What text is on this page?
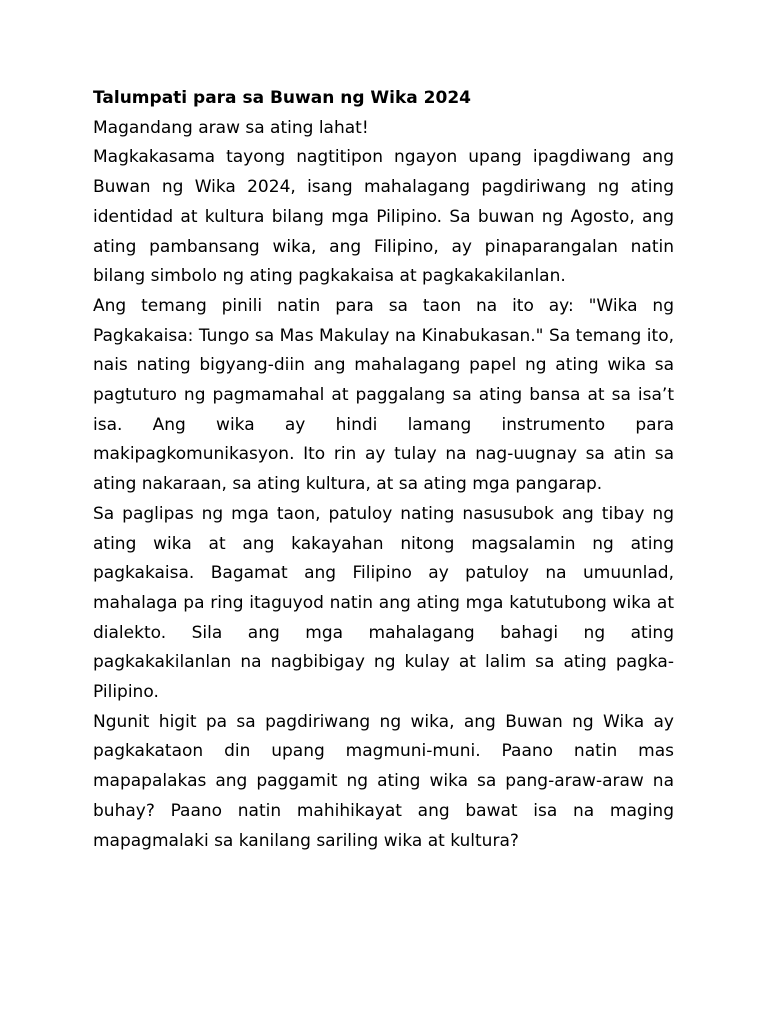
Talumpati para sa Buwan ng Wika 2024

Magandang araw sa ating lahat!

Magkakasama tayong nagtitipon ngayon upang ipagdiwang ang Buwan ng Wika 2024, isang mahalagang pagdiriwang ng ating identidad at kultura bilang mga Pilipino. Sa buwan ng Agosto, ang ating pambansang wika, ang Filipino, ay pinaparangalan natin bilang simbolo ng ating pagkakaisa at pagkakakilanlan.

Ang temang pinili natin para sa taon na ito ay: "Wika ng Pagkakaisa: Tungo sa Mas Makulay na Kinabukasan." Sa temang ito, nais nating bigyang-diin ang mahalagang papel ng ating wika sa pagtuturo ng pagmamahal at paggalang sa ating bansa at sa isa’t isa. Ang wika ay hindi lamang instrumento para makipagkomunikasyon. Ito rin ay tulay na nag-uugnay sa atin sa ating nakaraan, sa ating kultura, at sa ating mga pangarap.

Sa paglipas ng mga taon, patuloy nating nasusubok ang tibay ng ating wika at ang kakayahan nitong magsalamin ng ating pagkakaisa. Bagamat ang Filipino ay patuloy na umuunlad, mahalaga pa ring itaguyod natin ang ating mga katutubong wika at dialekto. Sila ang mga mahalagang bahagi ng ating pagkakakilanlan na nagbibigay ng kulay at lalim sa ating pagka-Pilipino.

Ngunit higit pa sa pagdiriwang ng wika, ang Buwan ng Wika ay pagkakataon din upang magmuni-muni. Paano natin mas mapapalakas ang paggamit ng ating wika sa pang-araw-araw na buhay? Paano natin mahihikayat ang bawat isa na maging mapagmalaki sa kanilang sariling wika at kultura?
